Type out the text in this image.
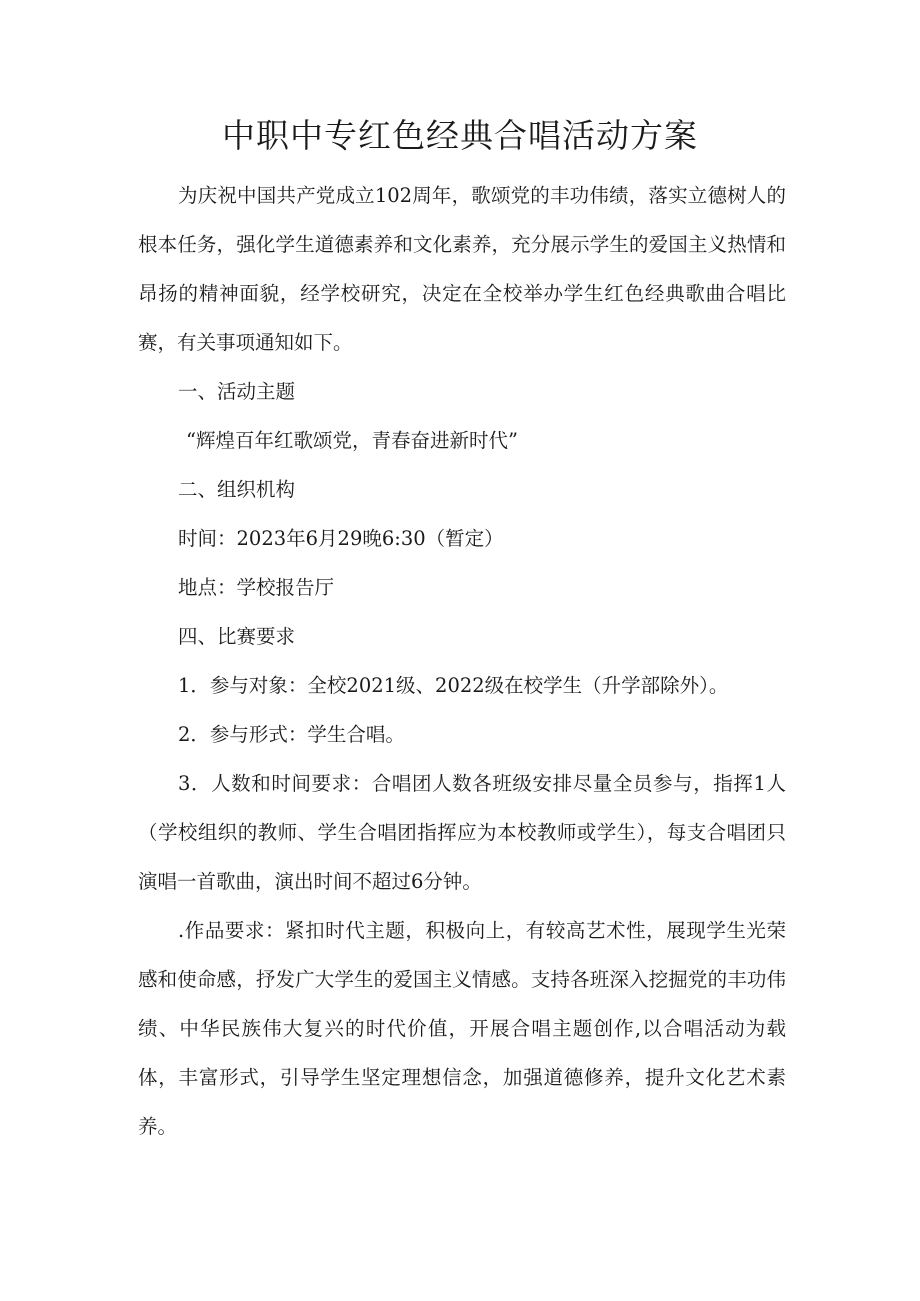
中职中专红色经典合唱活动方案

为庆祝中国共产党成立102周年，歌颂党的丰功伟绩，落实立德树人的根本任务，强化学生道德素养和文化素养，充分展示学生的爱国主义热情和昂扬的精神面貌，经学校研究，决定在全校举办学生红色经典歌曲合唱比赛，有关事项通知如下。

一、活动主题

“辉煌百年红歌颂党，青春奋进新时代”

二、组织机构

时间：2023年6月29晚6:30（暂定）

地点：学校报告厅

四、比赛要求

1．参与对象：全校2021级、2022级在校学生（升学部除外）。

2．参与形式：学生合唱。

3．人数和时间要求：合唱团人数各班级安排尽量全员参与，指挥1人（学校组织的教师、学生合唱团指挥应为本校教师或学生），每支合唱团只演唱一首歌曲，演出时间不超过6分钟。

.作品要求：紧扣时代主题，积极向上，有较高艺术性，展现学生光荣感和使命感，抒发广大学生的爱国主义情感。支持各班深入挖掘党的丰功伟绩、中华民族伟大复兴的时代价值，开展合唱主题创作,以合唱活动为载体，丰富形式，引导学生坚定理想信念，加强道德修养，提升文化艺术素养。
